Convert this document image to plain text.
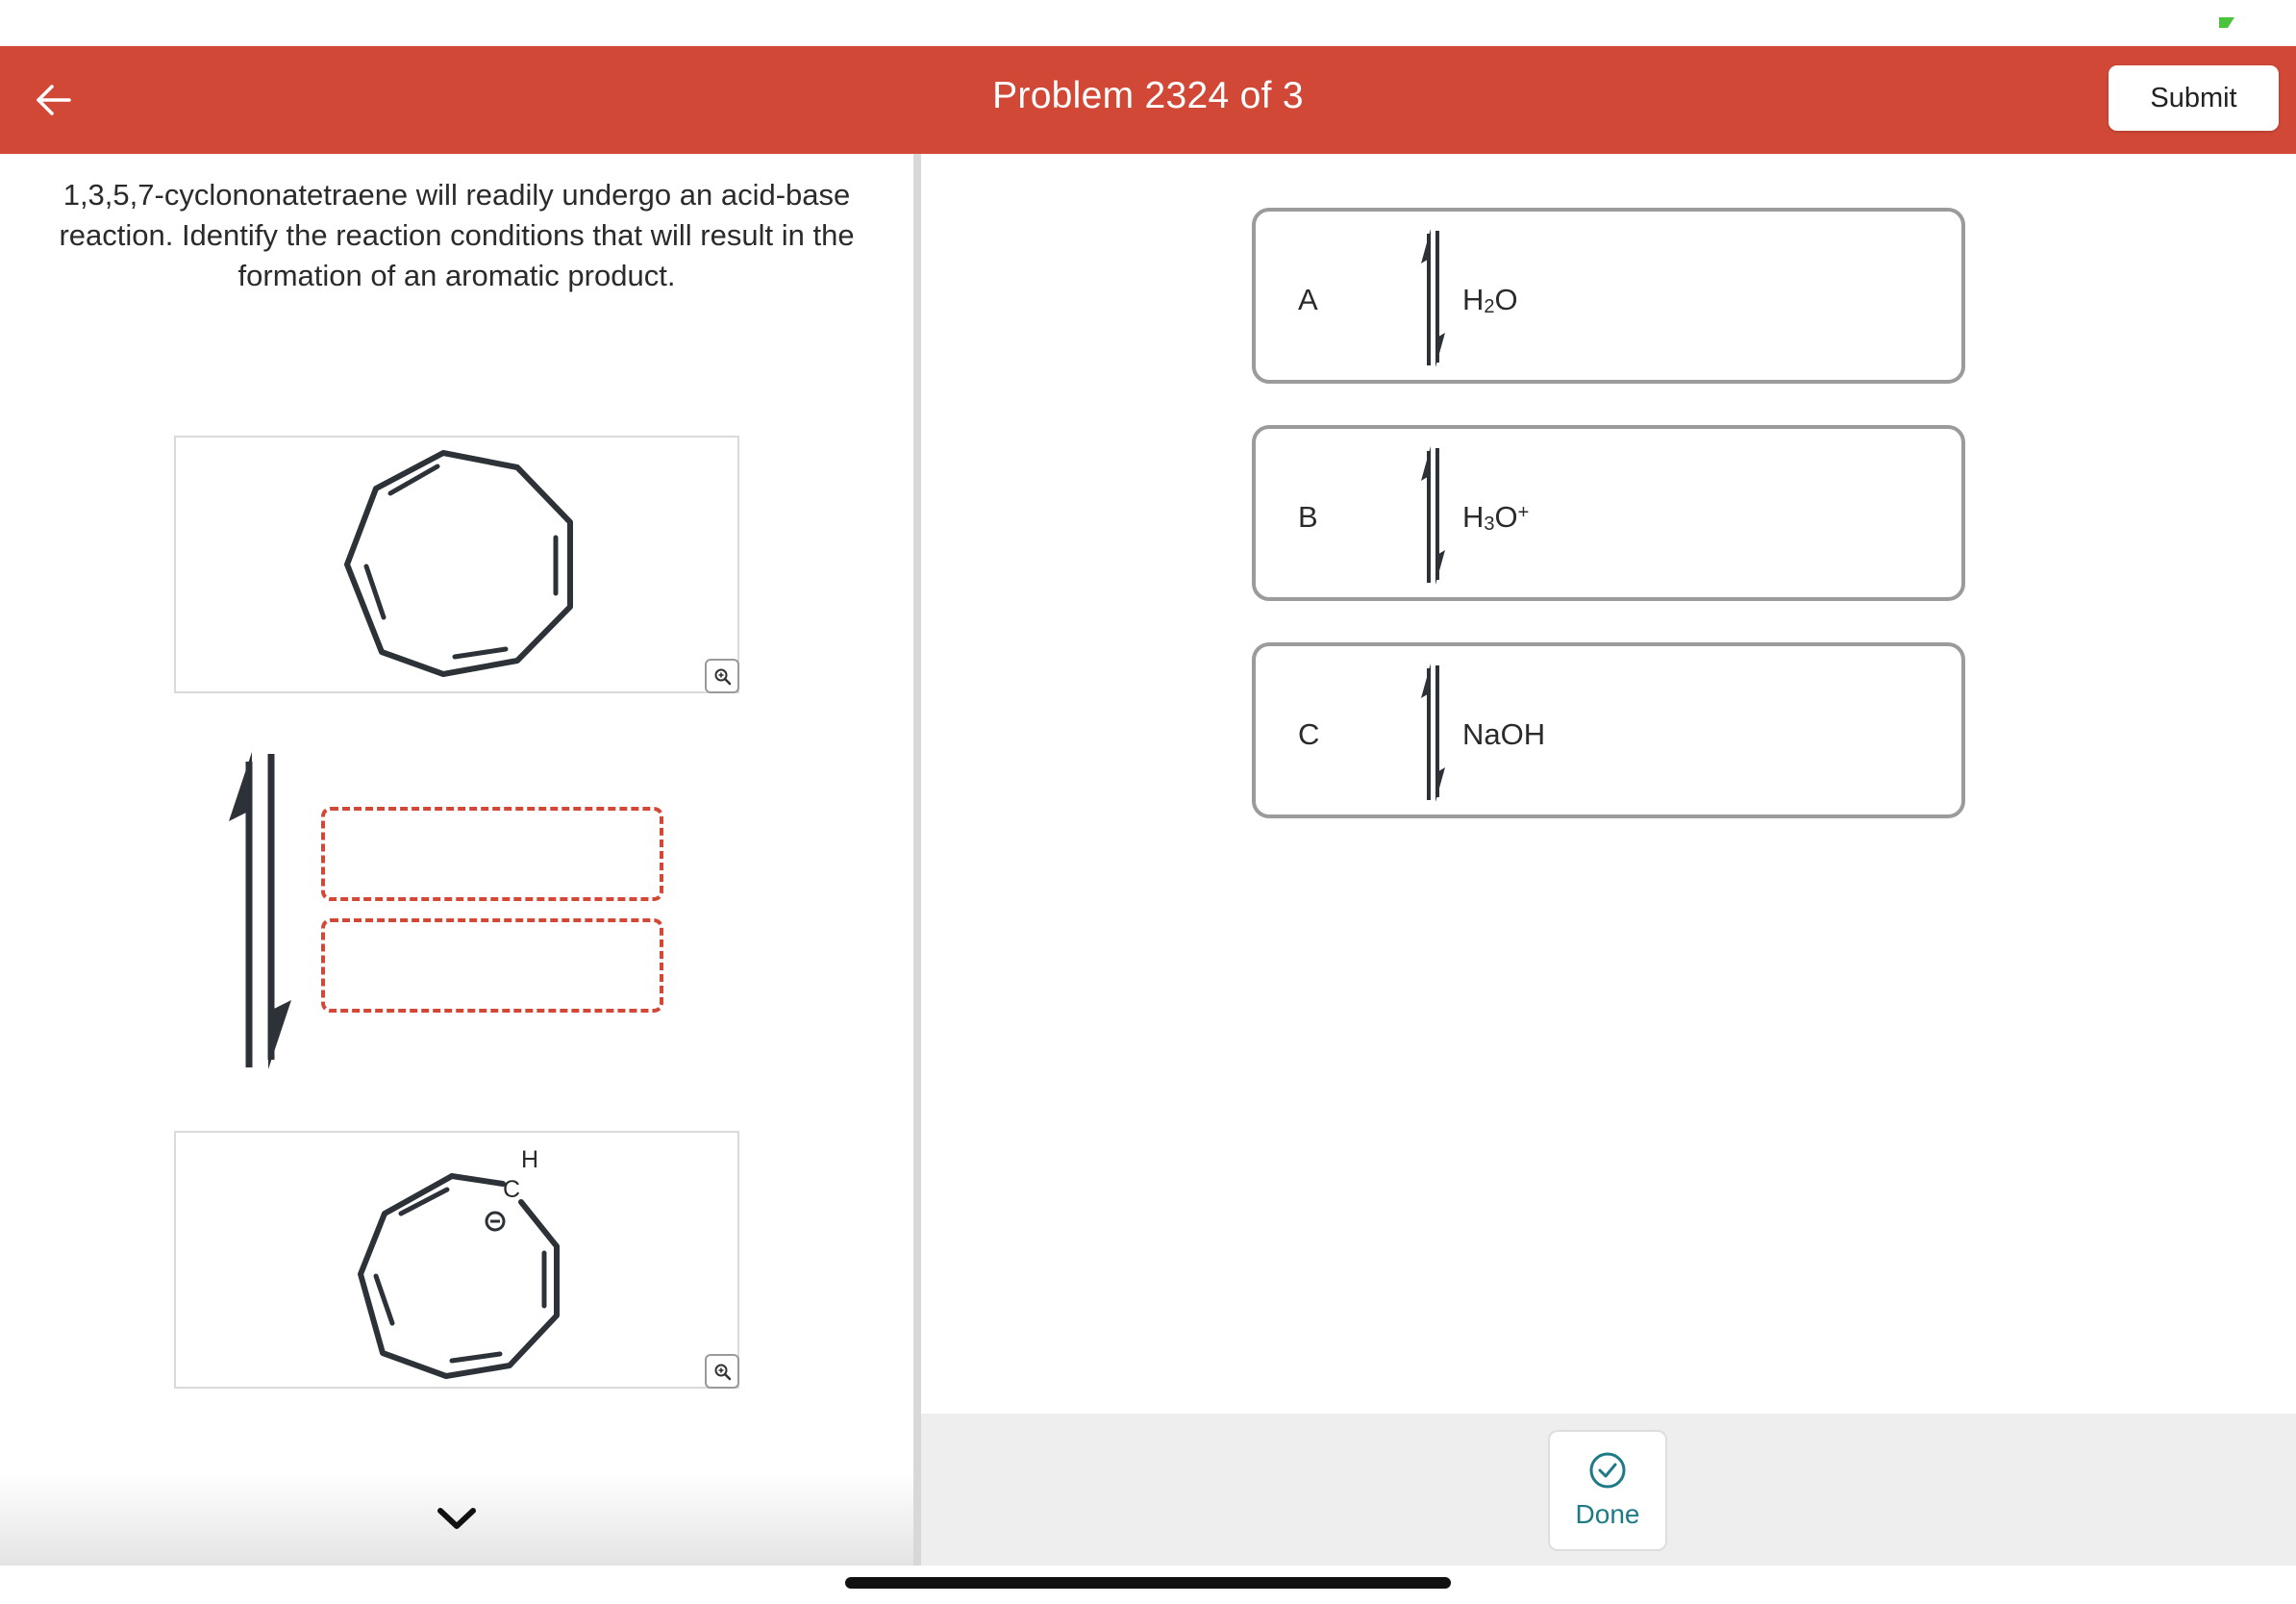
Problem 2324 of 3	Submit
1,3,5,7-cyclononatetraene will readily undergo an acid-base reaction. Identify the reaction conditions that will result in the formation of an aromatic product.
H
C
A	$H_2O$
B	$H_3O^+$
C	NaOH
Done
